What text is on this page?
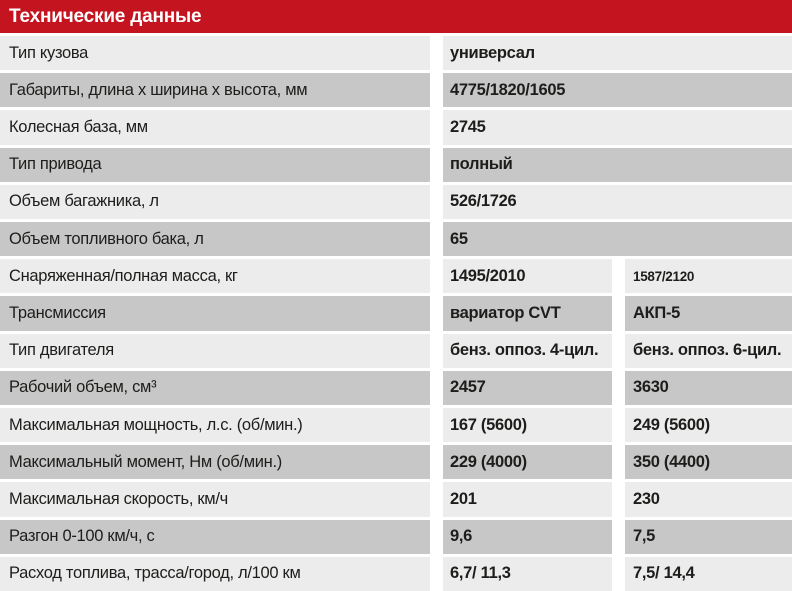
Технические данные
Тип кузова	универсал
Габариты, длина х ширина х высота, мм	4775/1820/1605
Колесная база, мм	2745
Тип привода	полный
Объем багажника, л	526/1726
Объем топливного бака, л	65
Снаряженная/полная масса, кг	1495/2010	1587/2120
Трансмиссия	вариатор CVT	АКП-5
Тип двигателя	бенз. оппоз. 4-цил.	бенз. оппоз. 6-цил.
Рабочий объем, см³	2457	3630
Максимальная мощность, л.с. (об/мин.)	167 (5600)	249 (5600)
Максимальный момент, Нм (об/мин.)	229 (4000)	350 (4400)
Максимальная скорость, км/ч	201	230
Разгон 0-100 км/ч, с	9,6	7,5
Расход топлива, трасса/город, л/100 км	6,7/ 11,3	7,5/ 14,4
